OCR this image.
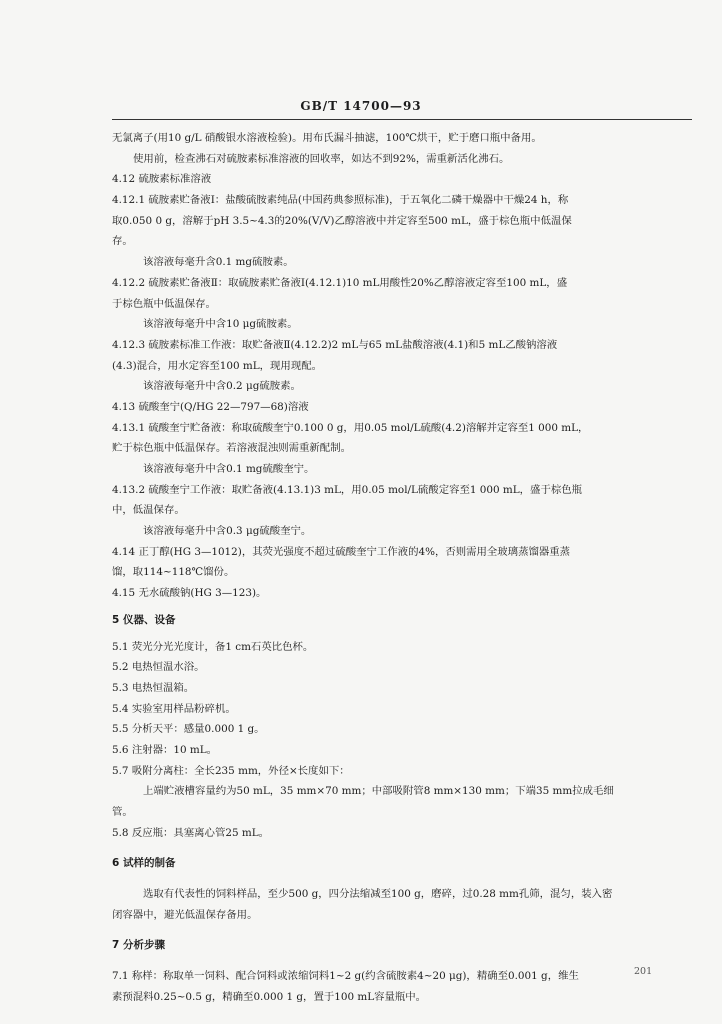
GB/T 14700—93
无氯离子(用10 g/L 硝酸银水溶液检验)。用布氏漏斗抽滤，100℃烘干，贮于磨口瓶中备用。
使用前，检查沸石对硫胺素标准溶液的回收率，如达不到92%，需重新活化沸石。
4.12 硫胺素标准溶液
4.12.1 硫胺素贮备液Ⅰ：盐酸硫胺素纯品(中国药典参照标准)，于五氧化二磷干燥器中干燥24 h，称
取0.050 0 g，溶解于pH 3.5~4.3的20%(V/V)乙醇溶液中并定容至500 mL，盛于棕色瓶中低温保
存。
该溶液每毫升含0.1 mg硫胺素。
4.12.2 硫胺素贮备液Ⅱ：取硫胺素贮备液Ⅰ(4.12.1)10 mL用酸性20%乙醇溶液定容至100 mL，盛
于棕色瓶中低温保存。
该溶液每毫升中含10 μg硫胺素。
4.12.3 硫胺素标准工作液：取贮备液Ⅱ(4.12.2)2 mL与65 mL盐酸溶液(4.1)和5 mL乙酸钠溶液
(4.3)混合，用水定容至100 mL，现用现配。
该溶液每毫升中含0.2 μg硫胺素。
4.13 硫酸奎宁(Q/HG 22—797—68)溶液
4.13.1 硫酸奎宁贮备液：称取硫酸奎宁0.100 0 g，用0.05 mol/L硫酸(4.2)溶解并定容至1 000 mL，
贮于棕色瓶中低温保存。若溶液混浊则需重新配制。
该溶液每毫升中含0.1 mg硫酸奎宁。
4.13.2 硫酸奎宁工作液：取贮备液(4.13.1)3 mL，用0.05 mol/L硫酸定容至1 000 mL，盛于棕色瓶
中，低温保存。
该溶液每毫升中含0.3 μg硫酸奎宁。
4.14 正丁醇(HG 3—1012)，其荧光强度不超过硫酸奎宁工作液的4%，否则需用全玻璃蒸馏器重蒸
馏，取114~118℃馏份。
4.15 无水硫酸钠(HG 3—123)。
5 仪器、设备
5.1 荧光分光光度计，备1 cm石英比色杯。
5.2 电热恒温水浴。
5.3 电热恒温箱。
5.4 实验室用样品粉碎机。
5.5 分析天平：感量0.000 1 g。
5.6 注射器：10 mL。
5.7 吸附分离柱：全长235 mm，外径×长度如下：
上端贮液槽容量约为50 mL，35 mm×70 mm；中部吸附管8 mm×130 mm；下端35 mm拉成毛细
管。
5.8 反应瓶：具塞离心管25 mL。
6 试样的制备
选取有代表性的饲料样品，至少500 g，四分法缩减至100 g，磨碎，过0.28 mm孔筛，混匀，装入密
闭容器中，避光低温保存备用。
7 分析步骤
7.1 称样：称取单一饲料、配合饲料或浓缩饲料1~2 g(约含硫胺素4~20 μg)，精确至0.001 g，维生
素预混料0.25~0.5 g，精确至0.000 1 g，置于100 mL容量瓶中。
201
